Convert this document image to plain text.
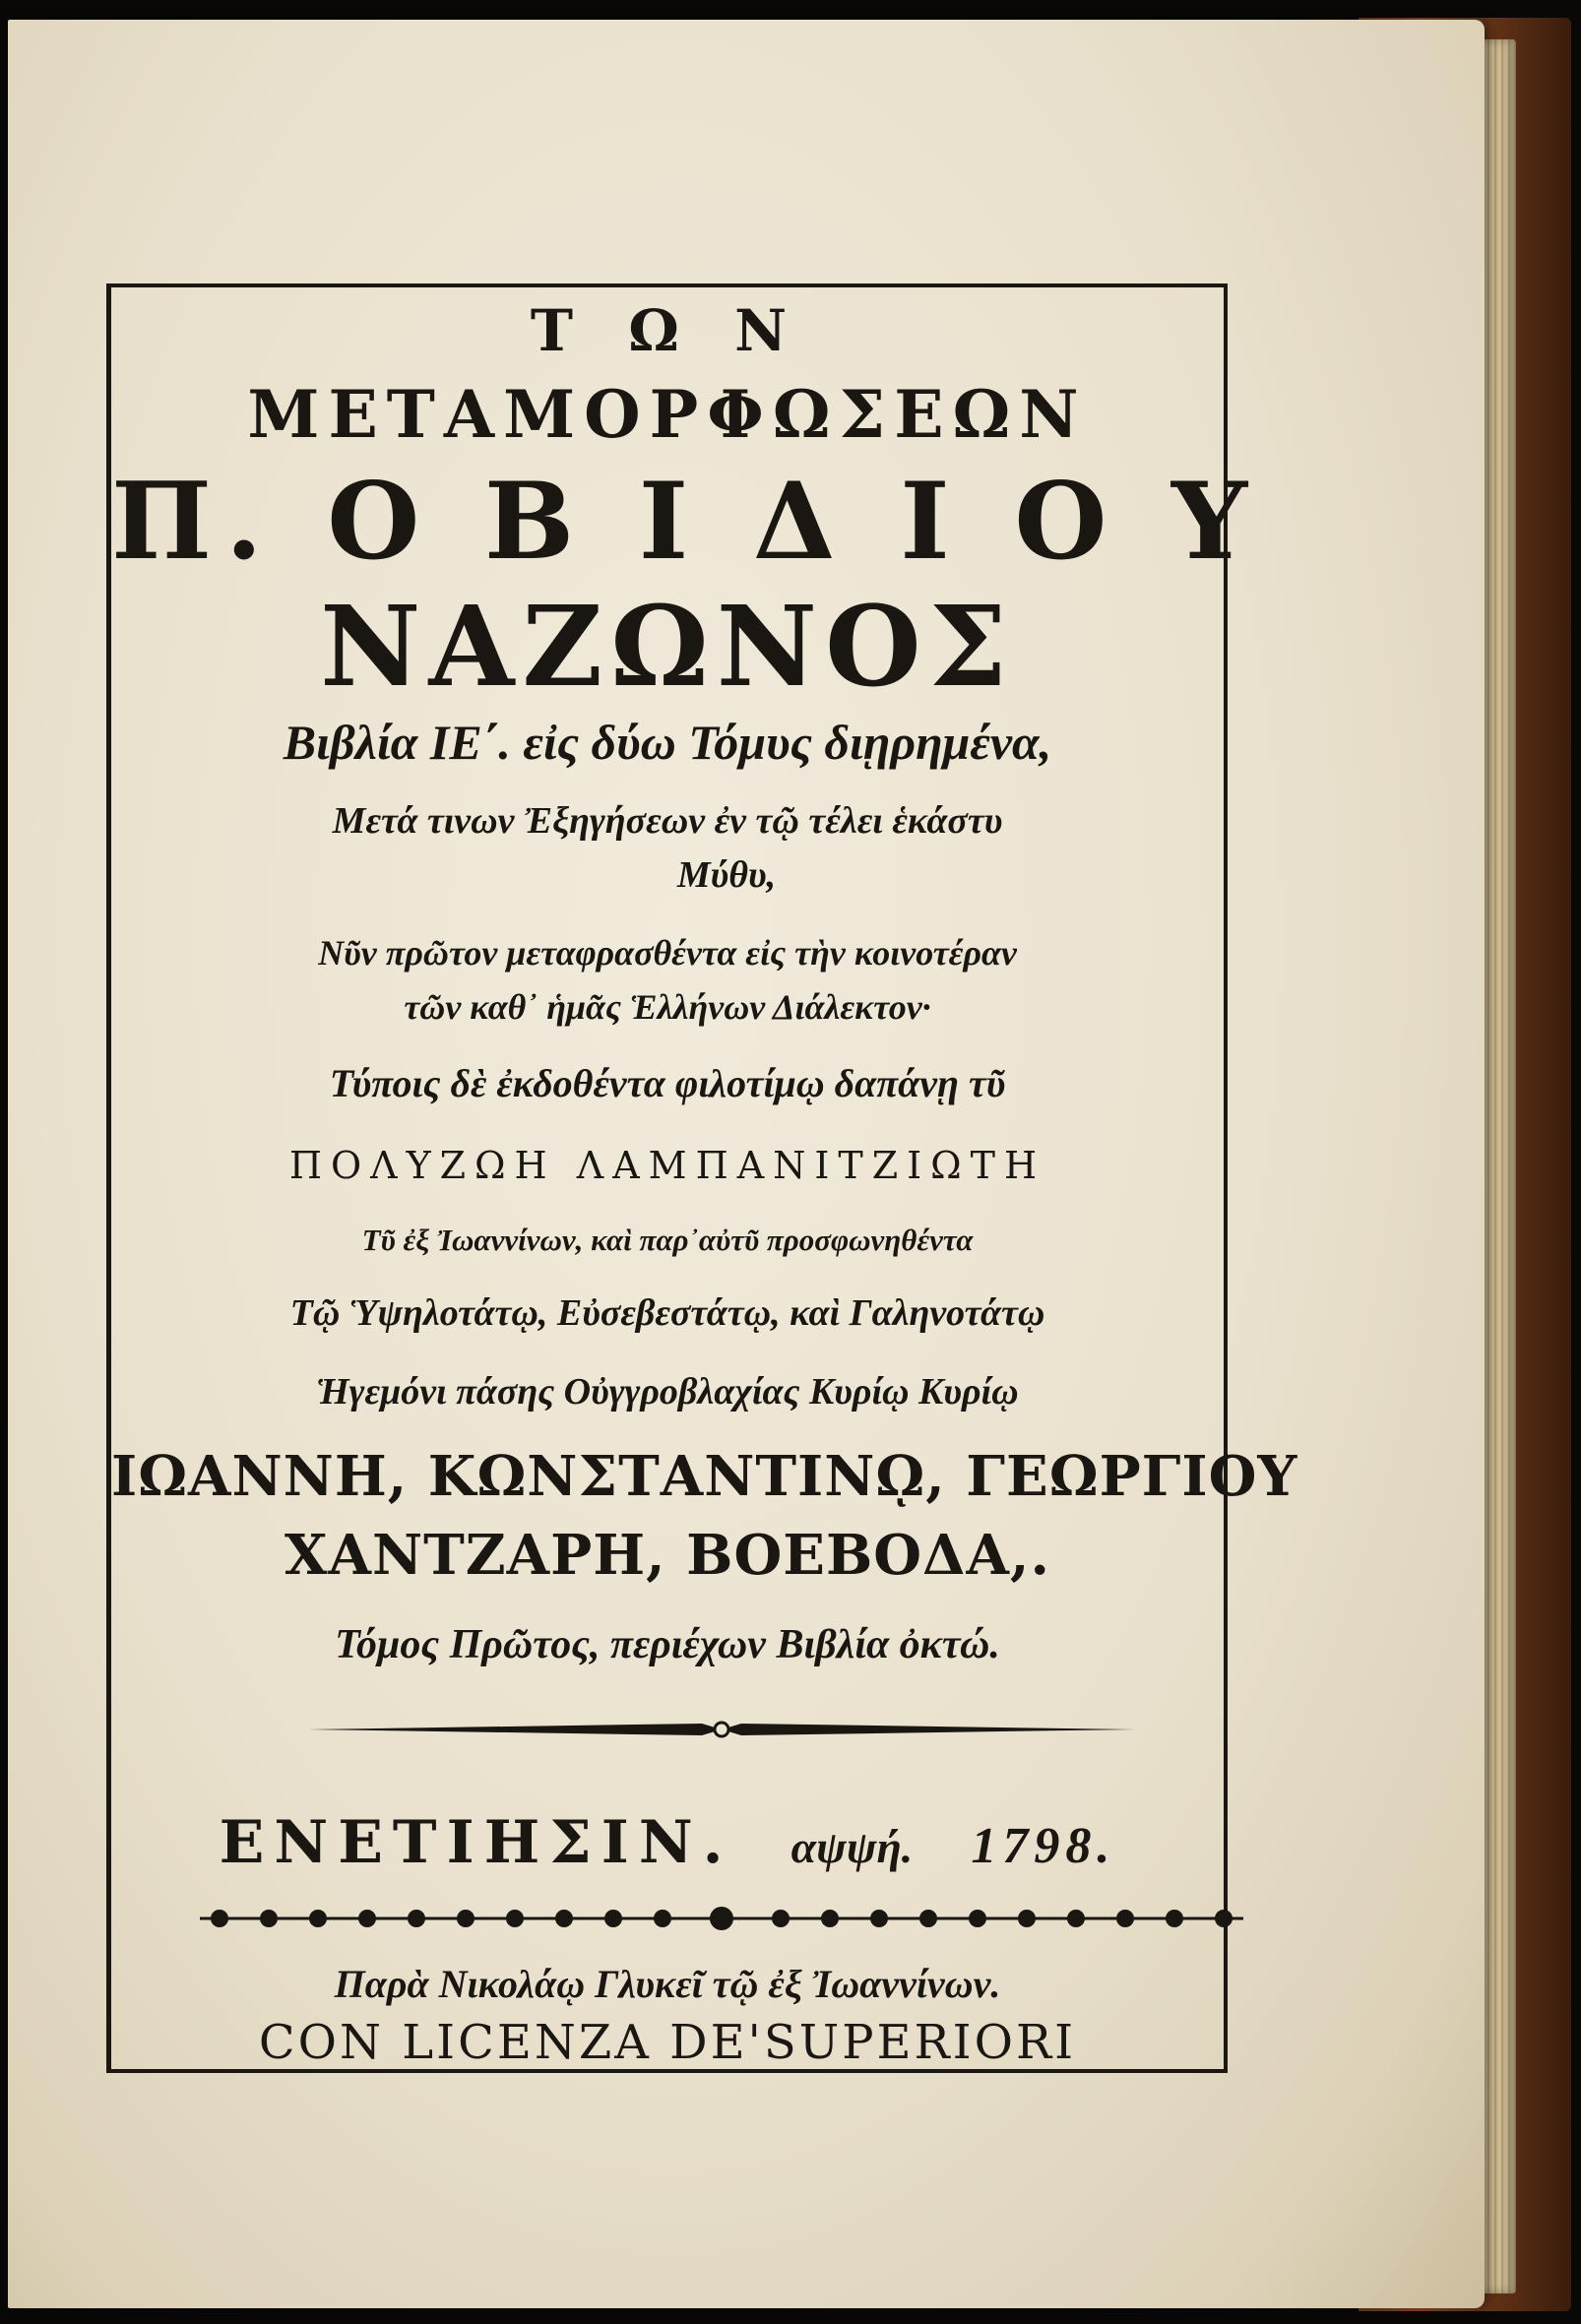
Τ Ω Ν
ΜΕΤΑΜΟΡΦΩΣΕΩΝ
Π. Ο Β Ι Δ Ι Ο Υ
ΝΑΖΩΝΟΣ
Βιβλία ΙΕ΄. εἰς δύω Τόμυς διῃρημένα,
Μετά τινων Ἐξηγήσεων ἐν τῷ τέλει ἑκάστυ
Μύθυ,
Νῦν πρῶτον μεταφρασθέντα εἰς τὴν κοινοτέραν
τῶν καθ᾽ ἡμᾶς Ἑλλήνων Διάλεκτον·
Τύποις δὲ ἐκδοθέντα φιλοτίμῳ δαπάνῃ τῦ
ΠΟΛΥΖΩΗ ΛΑΜΠΑΝΙΤΖΙΩΤΗ
Τῦ ἐξ Ἰωαννίνων, καὶ παρ᾽αὐτῦ προσφωνηθέντα
Τῷ Ὑψηλοτάτῳ, Εὐσεβεστάτῳ, καὶ Γαληνοτάτῳ
Ἡγεμόνι πάσης Οὐγγροβλαχίας Κυρίῳ Κυρίῳ
ΙΩΑΝΝΗ, ΚΩΝΣΤΑΝΤΙΝῼ, ΓΕΩΡΓΙΟΥ
ΧΑΝΤΖΑΡΗ, ΒΟΕΒΟΔΑ,.
Τόμος Πρῶτος, περιέχων Βιβλία ὀκτώ.
ΕΝΕΤΙΗΣΙΝ. αψψή. 1798.
Παρὰ Νικολάῳ Γλυκεῖ τῷ ἐξ Ἰωαννίνων.
CON LICENZA DE'SUPERIORI
